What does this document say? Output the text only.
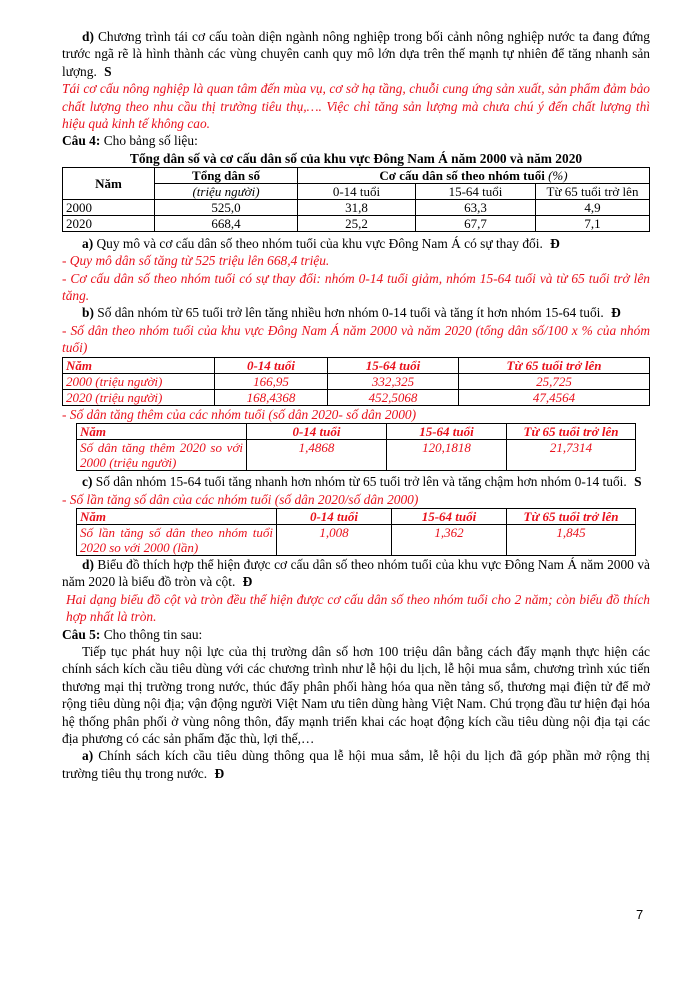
d) Chương trình tái cơ cấu toàn diện ngành nông nghiệp trong bối cảnh nông nghiệp nước ta đang đứng trước ngã rẽ là hình thành các vùng chuyên canh quy mô lớn dựa trên thế mạnh tự nhiên để tăng nhanh sản lượng. S

Tái cơ cấu nông nghiệp là quan tâm đến mùa vụ, cơ sở hạ tầng, chuỗi cung ứng sản xuất, sản phẩm đảm bảo chất lượng theo nhu cầu thị trường tiêu thụ,…. Việc chỉ tăng sản lượng mà chưa chú ý đến chất lượng thì hiệu quả kinh tế không cao.

Câu 4: Cho bảng số liệu:

Tổng dân số và cơ cấu dân số của khu vực Đông Nam Á năm 2000 và năm 2020

Năm	Tổng dân số	Cơ cấu dân số theo nhóm tuổi (%)		
	(triệu người)	0-14 tuổi	15-64 tuổi	Từ 65 tuổi trở lên
2000	525,0	31,8	63,3	4,9
2020	668,4	25,2	67,7	7,1

a) Quy mô và cơ cấu dân số theo nhóm tuổi của khu vực Đông Nam Á có sự thay đổi. Đ

- Quy mô dân số tăng từ 525 triệu lên 668,4 triệu.

- Cơ cấu dân số theo nhóm tuổi có sự thay đổi: nhóm 0-14 tuổi giảm, nhóm 15-64 tuổi và từ 65 tuổi trở lên tăng.

b) Số dân nhóm từ 65 tuổi trở lên tăng nhiều hơn nhóm 0-14 tuổi và tăng ít hơn nhóm 15-64 tuổi. Đ

- Số dân theo nhóm tuổi của khu vực Đông Nam Á năm 2000 và năm 2020 (tổng dân số/100 x % của nhóm tuổi)

Năm	0-14 tuổi	15-64 tuổi	Từ 65 tuổi trở lên
2000 (triệu người)	166,95	332,325	25,725
2020 (triệu người)	168,4368	452,5068	47,4564

- Số dân tăng thêm của các nhóm tuổi (số dân 2020- số dân 2000)

Năm	0-14 tuổi	15-64 tuổi	Từ 65 tuổi trở lên
Số dân tăng thêm 2020 so với 2000 (triệu người)	1,4868	120,1818	21,7314

c) Số dân nhóm 15-64 tuổi tăng nhanh hơn nhóm từ 65 tuổi trở lên và tăng chậm hơn nhóm 0-14 tuổi. S

- Số lần tăng số dân của các nhóm tuổi (số dân 2020/số dân 2000)

Năm	0-14 tuổi	15-64 tuổi	Từ 65 tuổi trở lên
Số lần tăng số dân theo nhóm tuổi 2020 so với 2000 (lần)	1,008	1,362	1,845

d) Biểu đồ thích hợp thể hiện được cơ cấu dân số theo nhóm tuổi của khu vực Đông Nam Á năm 2000 và năm 2020 là biểu đồ tròn và cột. Đ

Hai dạng biểu đồ cột và tròn đều thể hiện được cơ cấu dân số theo nhóm tuổi cho 2 năm; còn biểu đồ thích hợp nhất là tròn.

Câu 5: Cho thông tin sau:

Tiếp tục phát huy nội lực của thị trường dân số hơn 100 triệu dân bằng cách đẩy mạnh thực hiện các chính sách kích cầu tiêu dùng với các chương trình như lễ hội du lịch, lễ hội mua sắm, chương trình xúc tiến thương mại thị trường trong nước, thúc đẩy phân phối hàng hóa qua nền tảng số, thương mại điện tử để mở rộng tiêu dùng nội địa; vận động người Việt Nam ưu tiên dùng hàng Việt Nam. Chú trọng đầu tư hiện đại hóa hệ thống phân phối ở vùng nông thôn, đẩy mạnh triển khai các hoạt động kích cầu tiêu dùng nội địa tại các địa phương có các sản phẩm đặc thù, lợi thế,…

a) Chính sách kích cầu tiêu dùng thông qua lễ hội mua sắm, lễ hội du lịch đã góp phần mở rộng thị trường tiêu thụ trong nước. Đ

7
